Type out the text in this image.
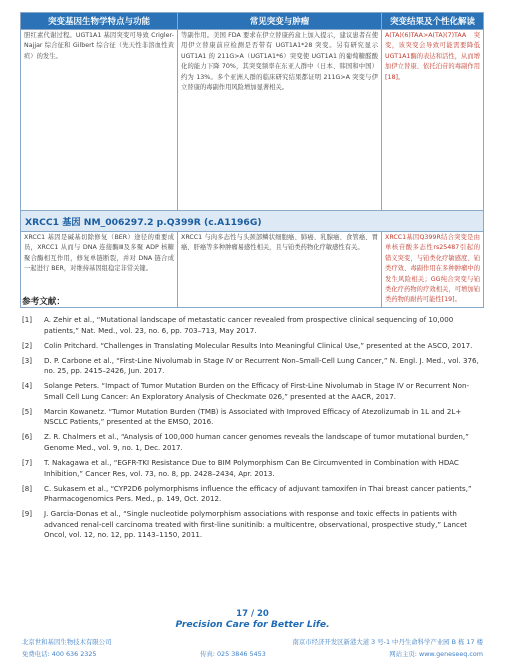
突变基因生物学特点与功能	常见突变与肿瘤	突变结果及个性化解读

胆红素代谢过程。UGT1A1 基因突变可导致 Crigler-Najjar 综合征和 Gilbert 综合征（先天性非溶血性黄疸）的发生。	等副作用。美国 FDA 要求在伊立替康药盒上加入提示，建议患者在使用伊立替康前应检测是否带有 UGT1A1*28 突变。另有研究显示 UGT1A1 的 211G>A（UGT1A1*6）突变使 UGT1A1 的葡萄糖醛酸化的能力下降 70%，其突变频率在东亚人群中（日本、韩国和中国）约为 13%。多个亚洲人群的临床研究结果都证明 211G>A 突变与伊立替康的毒副作用风险增加显著相关。	A(TA)(6)TAA>A(TA)(7)TAA 突变，该突变会导致可能需要降低UGT1A1酶的表达和活性，从而增加伊立替康、依托泊苷的毒副作用[18]。

XRCC1 基因 NM_006297.2 p.Q399R (c.A1196G)		

XRCC1 基因是碱基切除修复（BER）途径的重要成员，XRCC1 从而与 DNA 连接酶Ⅲ及多聚 ADP 核糖聚合酶相互作用，修复单链断裂，并对 DNA 链合成一起进行 BER，对维持基因组稳定非常关键。	XRCC1 与肉多态性与头颈部鳞状细胞癌、肺癌、乳腺癌、食管癌、胃癌、肝癌等多种肿瘤易感性相关，且与铂类药物化疗敏感性有关。	XRCC1基因Q399R结合突变是由单核苷酸多态性rs25487引起的错义突变，与铂类化疗敏感度、铂类疗效、毒副作用在多种肿瘤中的发生风险相关；GG纯合突变与铂类化疗药物的疗效相关，可增加铂类药物的耐药可能性[19]。
参考文献：
[1] A. Zehir et al., “Mutational landscape of metastatic cancer revealed from prospective clinical sequencing of 10,000 patients,” Nat. Med., vol. 23, no. 6, pp. 703–713, May 2017.
[2] Colin Pritchard. “Challenges in Translating Molecular Results Into Meaningful Clinical Use,” presented at the ASCO, 2017.
[3] D. P. Carbone et al., “First-Line Nivolumab in Stage IV or Recurrent Non–Small-Cell Lung Cancer,” N. Engl. J. Med., vol. 376, no. 25, pp. 2415–2426, Jun. 2017.
[4] Solange Peters. “Impact of Tumor Mutation Burden on the Efficacy of First-Line Nivolumab in Stage IV or Recurrent Non-Small Cell Lung Cancer: An Exploratory Analysis of Checkmate 026,” presented at the AACR, 2017.
[5] Marcin Kowanetz. “Tumor Mutation Burden (TMB) is Associated with Improved Efficacy of Atezolizumab in 1L and 2L+ NSCLC Patients,” presented at the EMSO, 2016.
[6] Z. R. Chalmers et al., “Analysis of 100,000 human cancer genomes reveals the landscape of tumor mutational burden,” Genome Med., vol. 9, no. 1, Dec. 2017.
[7] T. Nakagawa et al., “EGFR-TKI Resistance Due to BIM Polymorphism Can Be Circumvented in Combination with HDAC Inhibition,” Cancer Res, vol. 73, no. 8, pp. 2428–2434, Apr. 2013.
[8] C. Sukasem et al., “CYP2D6 polymorphisms influence the efficacy of adjuvant tamoxifen in Thai breast cancer patients,” Pharmacogenomics Pers. Med., p. 149, Oct. 2012.
[9] J. Garcia-Donas et al., “Single nucleotide polymorphism associations with response and toxic effects in patients with advanced renal-cell carcinoma treated with first-line sunitinib: a multicentre, observational, prospective study,” Lancet Oncol, vol. 12, no. 12, pp. 1143–1150, 2011.
17 / 20
Precision Care for Better Life.
北京世和基因生物技术有限公司	南京市经济开发区新港大道 3 号-1 中丹生命科学产业园 B 栋 17 楼
免费电话: 400 636 2325	传真: 025 3846 5453	网站主页: www.geneseeq.com
